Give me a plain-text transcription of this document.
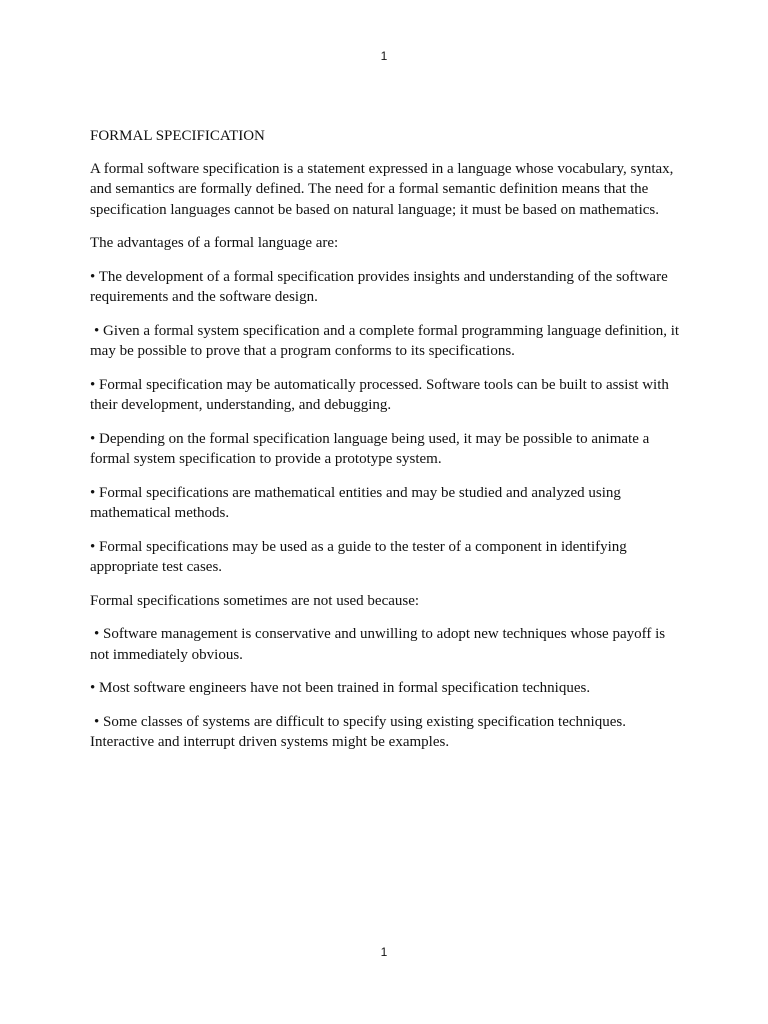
1

FORMAL SPECIFICATION

A formal software specification is a statement expressed in a language whose vocabulary, syntax, and semantics are formally defined. The need for a formal semantic definition means that the specification languages cannot be based on natural language; it must be based on mathematics.

The advantages of a formal language are:

• The development of a formal specification provides insights and understanding of the software requirements and the software design.

• Given a formal system specification and a complete formal programming language definition, it may be possible to prove that a program conforms to its specifications.

• Formal specification may be automatically processed. Software tools can be built to assist with their development, understanding, and debugging.

• Depending on the formal specification language being used, it may be possible to animate a formal system specification to provide a prototype system.

• Formal specifications are mathematical entities and may be studied and analyzed using mathematical methods.

• Formal specifications may be used as a guide to the tester of a component in identifying appropriate test cases.

Formal specifications sometimes are not used because:

• Software management is conservative and unwilling to adopt new techniques whose payoff is not immediately obvious.

• Most software engineers have not been trained in formal specification techniques.

• Some classes of systems are difficult to specify using existing specification techniques. Interactive and interrupt driven systems might be examples.

1
